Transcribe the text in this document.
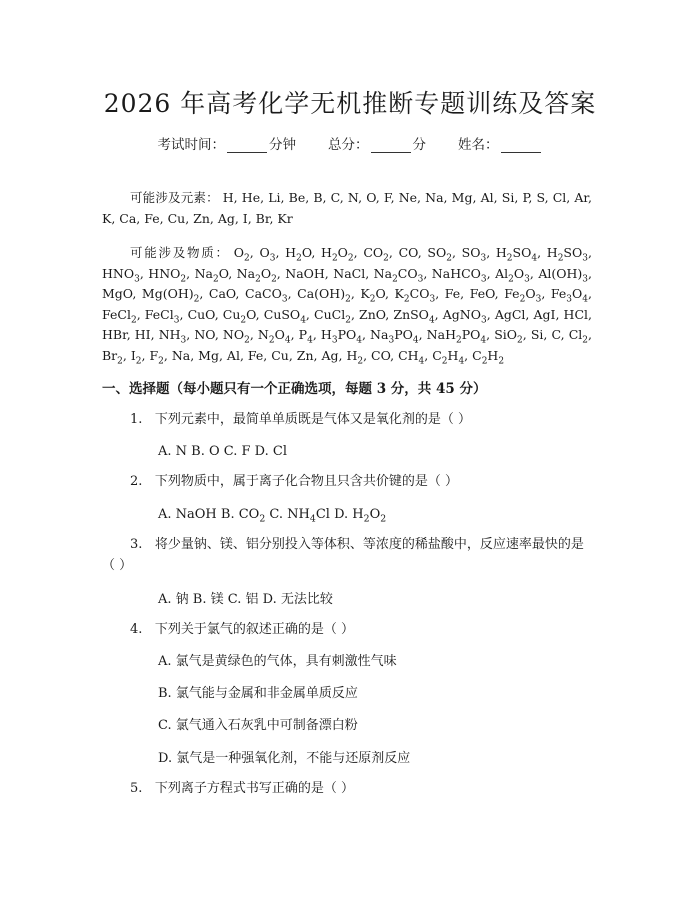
2026 年高考化学无机推断专题训练及答案
考试时间：	分钟 总分：	分 姓名：
可能涉及元素： H, He, Li, Be, B, C, N, O, F, Ne, Na, Mg, Al, Si, P, S, Cl, Ar, K, Ca, Fe, Cu, Zn, Ag, I, Br, Kr
可能涉及物质： $O_2$, $O_3$, $H_2O$, $H_2O_2$, $CO_2$, CO, $SO_2$, $SO_3$, $H_2SO_4$, $H_2SO_3$, $HNO_3$, $HNO_2$, $Na_2O$, $Na_2O_2$, NaOH, NaCl, $Na_2CO_3$, NaHCO$_3$, $Al_2O_3$, $Al(OH)_3$, MgO, $Mg(OH)_2$, CaO, CaCO$_3$, $Ca(OH)_2$, $K_2O$, $K_2CO_3$, Fe, FeO, $Fe_2O_3$, $Fe_3O_4$, FeCl$_2$, FeCl$_3$, CuO, $Cu_2O$, CuSO$_4$, CuCl$_2$, ZnO, ZnSO$_4$, AgNO$_3$, AgCl, AgI, HCl, HBr, HI, $NH_3$, NO, $NO_2$, $N_2O_4$, $P_4$, $H_3PO_4$, $Na_3PO_4$, $NaH_2PO_4$, SiO$_2$, Si, C, $Cl_2$, $Br_2$, $I_2$, $F_2$, Na, Mg, Al, Fe, Cu, Zn, Ag, $H_2$, CO, $CH_4$, $C_2H_4$, $C_2H_2$
一、选择题（每小题只有一个正确选项，每题 3 分，共 45 分）
1. 下列元素中，最简单单质既是气体又是氧化剂的是（ ）
A. N B. O C. F D. Cl
2. 下列物质中，属于离子化合物且只含共价键的是（ ）
A. NaOH B. $CO_2$ C. $NH_4Cl$ D. $H_2O_2$
3. 将少量钠、镁、铝分别投入等体积、等浓度的稀盐酸中，反应速率最快的是（ ）
A. 钠 B. 镁 C. 铝 D. 无法比较
4. 下列关于氯气的叙述正确的是（ ）
A. 氯气是黄绿色的气体，具有刺激性气味
B. 氯气能与金属和非金属单质反应
C. 氯气通入石灰乳中可制备漂白粉
D. 氯气是一种强氧化剂，不能与还原剂反应
5. 下列离子方程式书写正确的是（ ）
